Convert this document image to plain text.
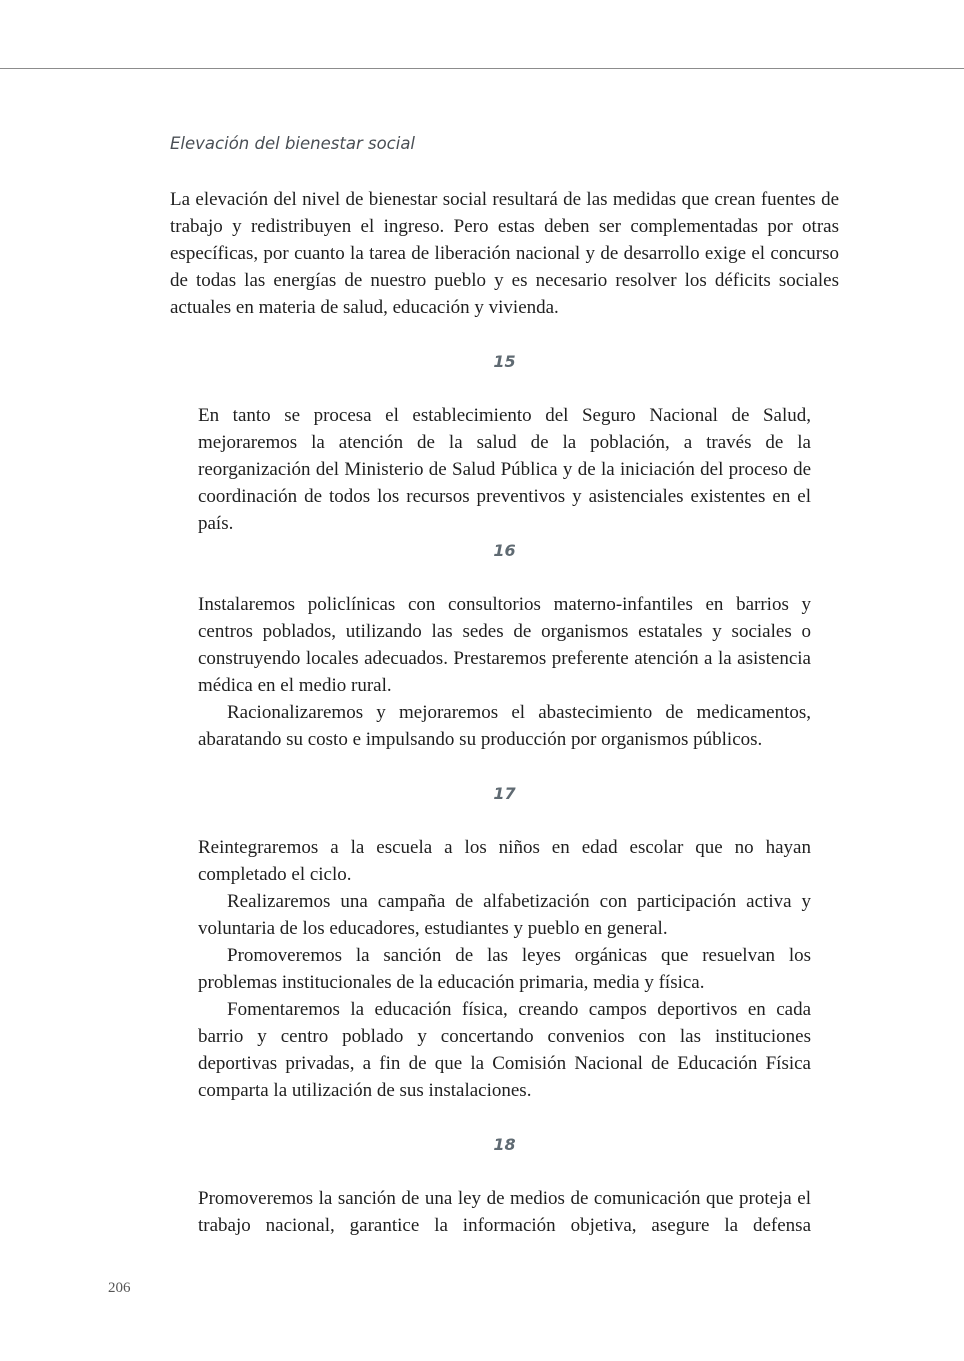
Elevación del bienestar social

La elevación del nivel de bienestar social resultará de las medidas que crean fuentes de trabajo y redistribuyen el ingreso. Pero estas deben ser complementadas por otras específicas, por cuanto la tarea de liberación nacional y de desarrollo exige el concurso de todas las energías de nuestro pueblo y es necesario resolver los déficits sociales actuales en materia de salud, educación y vivienda.

15

En tanto se procesa el establecimiento del Seguro Nacional de Salud, mejoraremos la atención de la salud de la población, a través de la reorganización del Ministerio de Salud Pública y de la iniciación del proceso de coordinación de todos los recursos preventivos y asistenciales existentes en el país.

16

Instalaremos policlínicas con consultorios materno-infantiles en barrios y centros poblados, utilizando las sedes de organismos estatales y sociales o construyendo locales adecuados. Prestaremos preferente atención a la asistencia médica en el medio rural.

Racionalizaremos y mejoraremos el abastecimiento de medicamentos, abaratando su costo e impulsando su producción por organismos públicos.

17

Reintegraremos a la escuela a los niños en edad escolar que no hayan completado el ciclo.

Realizaremos una campaña de alfabetización con participación activa y voluntaria de los educadores, estudiantes y pueblo en general.

Promoveremos la sanción de las leyes orgánicas que resuelvan los problemas institucionales de la educación primaria, media y física.

Fomentaremos la educación física, creando campos deportivos en cada barrio y centro poblado y concertando convenios con las instituciones deportivas privadas, a fin de que la Comisión Nacional de Educación Física comparta la utilización de sus instalaciones.

18

Promoveremos la sanción de una ley de medios de comunicación que proteja el trabajo nacional, garantice la información objetiva, asegure la defensa

206
